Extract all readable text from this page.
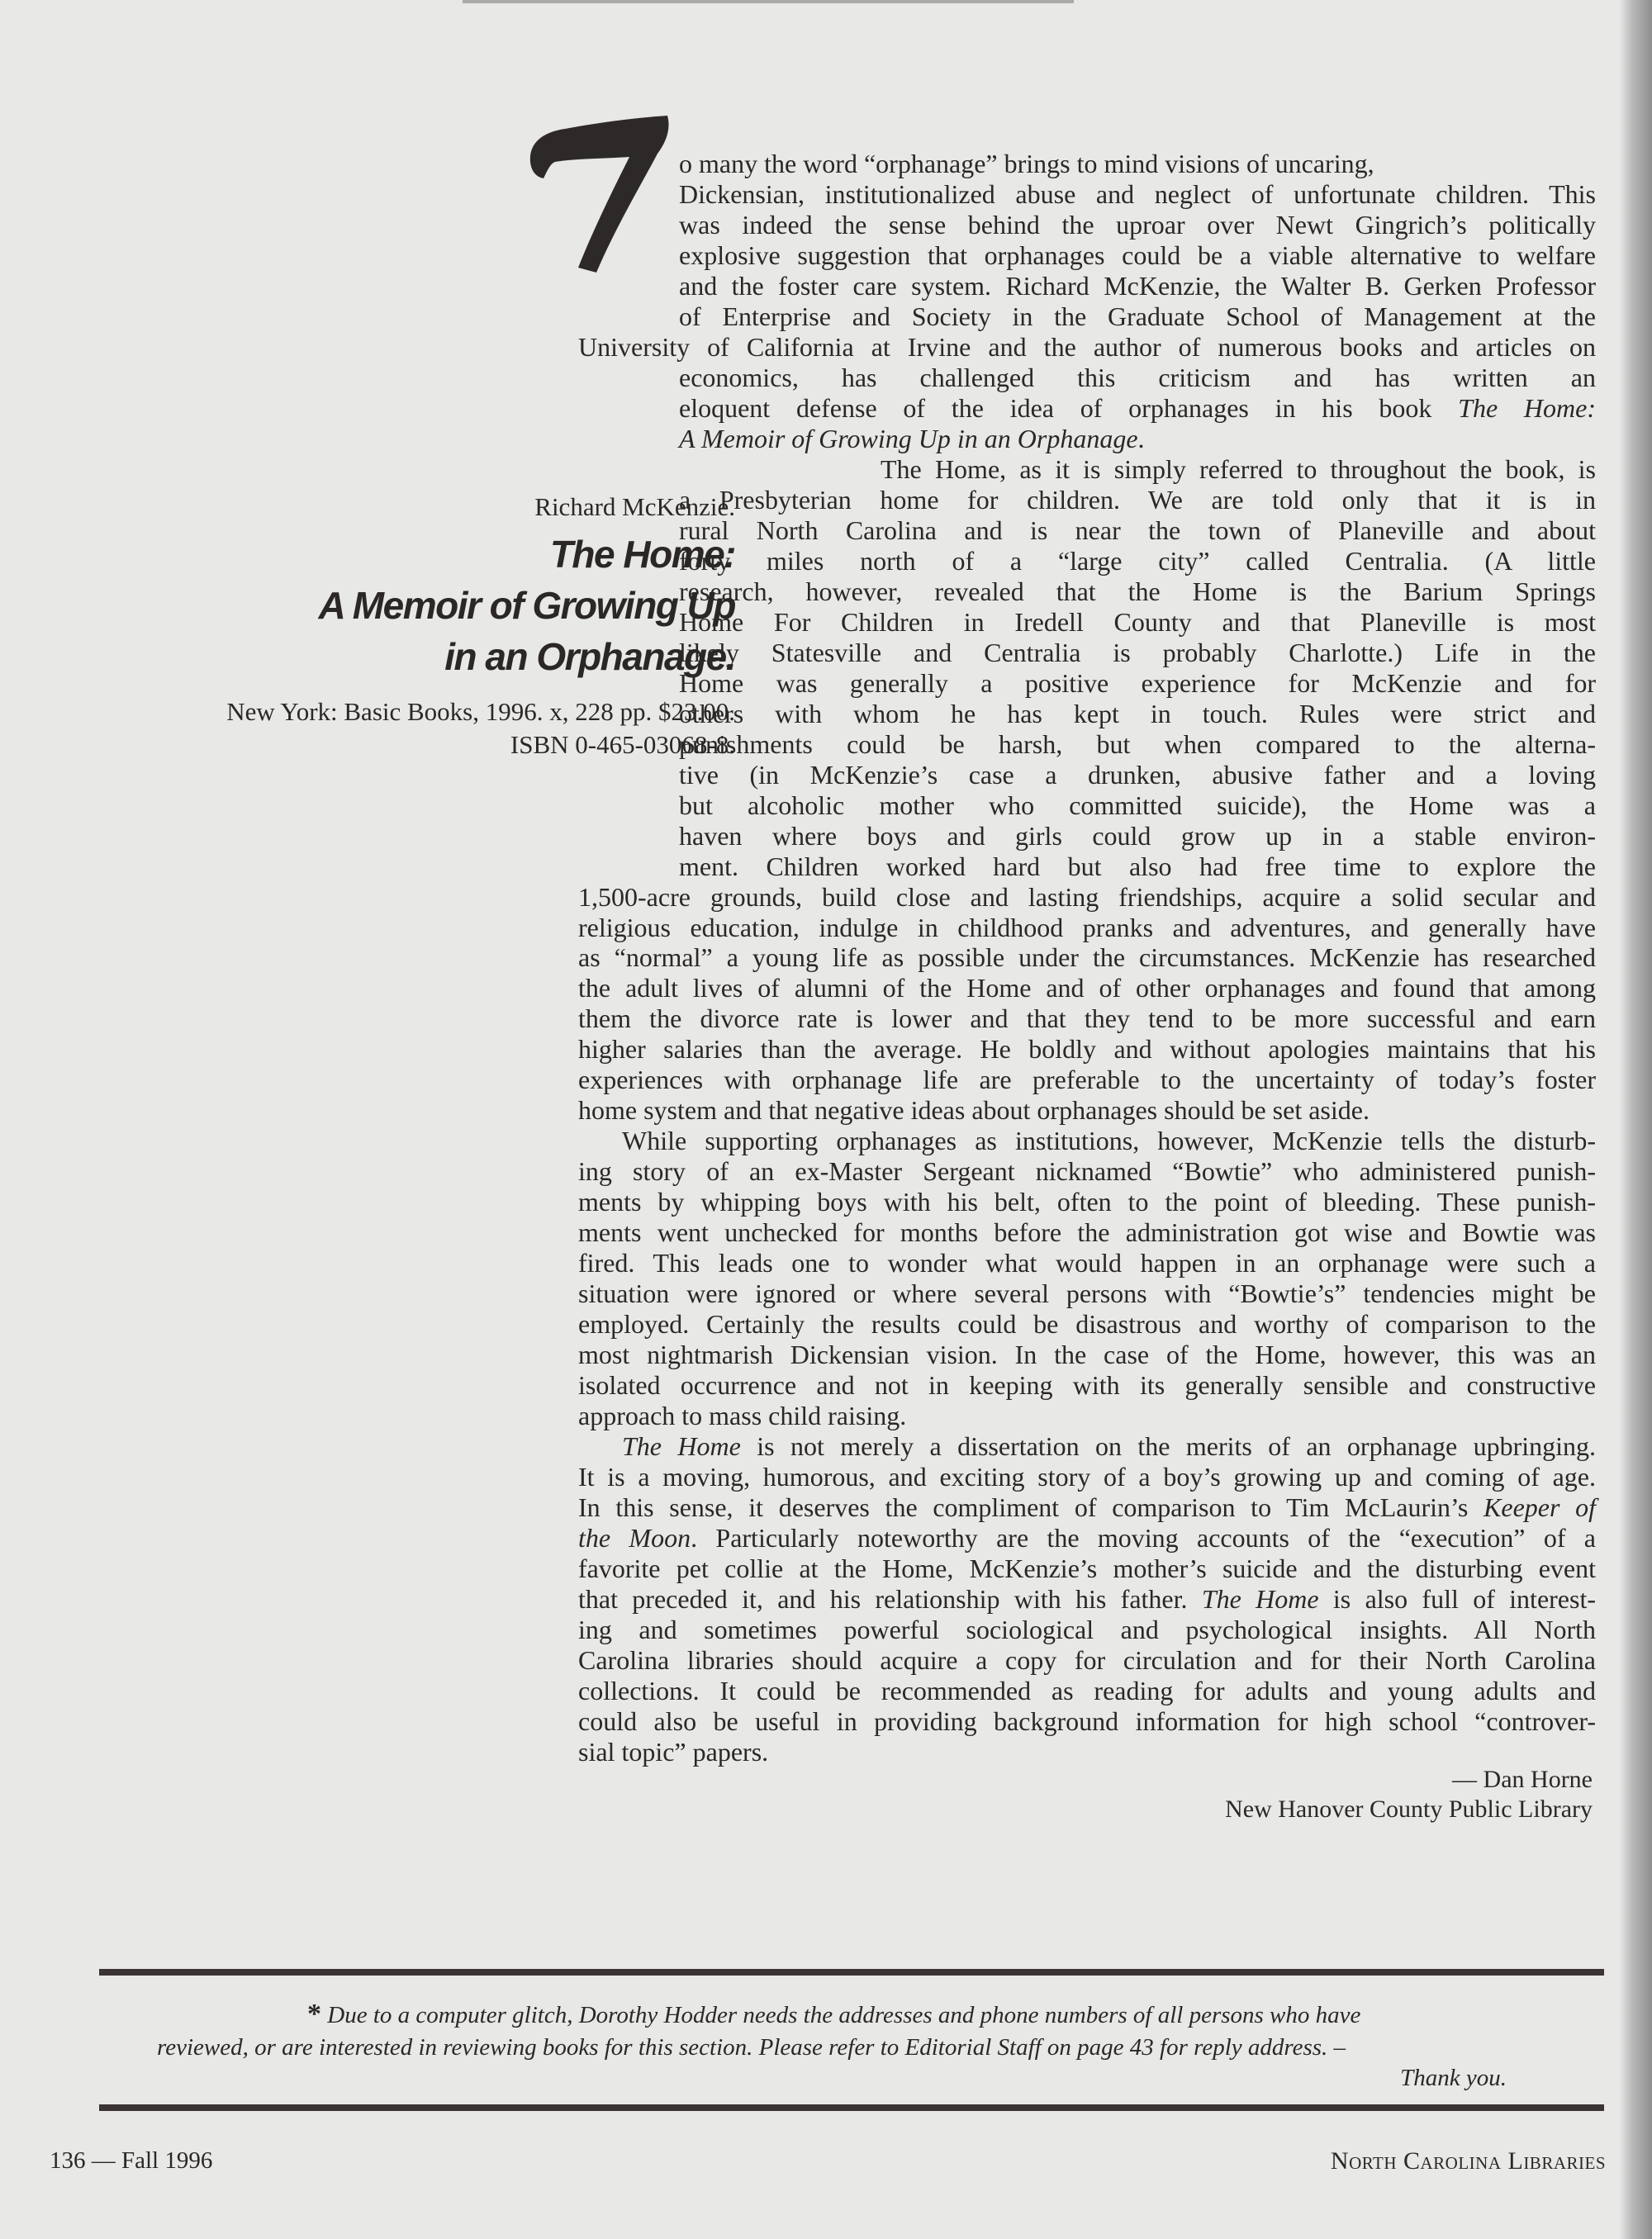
Richard McKenzie.
The Home:
A Memoir of Growing Up
in an Orphanage.
New York: Basic Books, 1996. x, 228 pp. $23.00.
ISBN 0-465-03068-8.
o many the word “orphanage” brings to mind visions of uncaring,
Dickensian, institutionalized abuse and neglect of unfortunate children. This
was indeed the sense behind the uproar over Newt Gingrich’s politically
explosive suggestion that orphanages could be a viable alternative to welfare
and the foster care system. Richard McKenzie, the Walter B. Gerken Professor
of Enterprise and Society in the Graduate School of Management at the
University of California at Irvine and the author of numerous books and articles on
economics, has challenged this criticism and has written an
eloquent defense of the idea of orphanages in his book The Home:
A Memoir of Growing Up in an Orphanage.
The Home, as it is simply referred to throughout the book, is
a Presbyterian home for children. We are told only that it is in
rural North Carolina and is near the town of Planeville and about
forty miles north of a “large city” called Centralia. (A little
research, however, revealed that the Home is the Barium Springs
Home For Children in Iredell County and that Planeville is most
likely Statesville and Centralia is probably Charlotte.) Life in the
Home was generally a positive experience for McKenzie and for
others with whom he has kept in touch. Rules were strict and
punishments could be harsh, but when compared to the alterna-
tive (in McKenzie’s case a drunken, abusive father and a loving
but alcoholic mother who committed suicide), the Home was a
haven where boys and girls could grow up in a stable environ-
ment. Children worked hard but also had free time to explore the
1,500-acre grounds, build close and lasting friendships, acquire a solid secular and
religious education, indulge in childhood pranks and adventures, and generally have
as “normal” a young life as possible under the circumstances. McKenzie has researched
the adult lives of alumni of the Home and of other orphanages and found that among
them the divorce rate is lower and that they tend to be more successful and earn
higher salaries than the average. He boldly and without apologies maintains that his
experiences with orphanage life are preferable to the uncertainty of today’s foster
home system and that negative ideas about orphanages should be set aside.
While supporting orphanages as institutions, however, McKenzie tells the disturb-
ing story of an ex-Master Sergeant nicknamed “Bowtie” who administered punish-
ments by whipping boys with his belt, often to the point of bleeding. These punish-
ments went unchecked for months before the administration got wise and Bowtie was
fired. This leads one to wonder what would happen in an orphanage were such a
situation were ignored or where several persons with “Bowtie’s” tendencies might be
employed. Certainly the results could be disastrous and worthy of comparison to the
most nightmarish Dickensian vision. In the case of the Home, however, this was an
isolated occurrence and not in keeping with its generally sensible and constructive
approach to mass child raising.
The Home is not merely a dissertation on the merits of an orphanage upbringing.
It is a moving, humorous, and exciting story of a boy’s growing up and coming of age.
In this sense, it deserves the compliment of comparison to Tim McLaurin’s Keeper of
the Moon. Particularly noteworthy are the moving accounts of the “execution” of a
favorite pet collie at the Home, McKenzie’s mother’s suicide and the disturbing event
that preceded it, and his relationship with his father. The Home is also full of interest-
ing and sometimes powerful sociological and psychological insights. All North
Carolina libraries should acquire a copy for circulation and for their North Carolina
collections. It could be recommended as reading for adults and young adults and
could also be useful in providing background information for high school “controver-
sial topic” papers.
— Dan Horne
New Hanover County Public Library
* Due to a computer glitch, Dorothy Hodder needs the addresses and phone numbers of all persons who have
reviewed, or are interested in reviewing books for this section. Please refer to Editorial Staff on page 43 for reply address. –
Thank you.
136 — Fall 1996	North Carolina Libraries
